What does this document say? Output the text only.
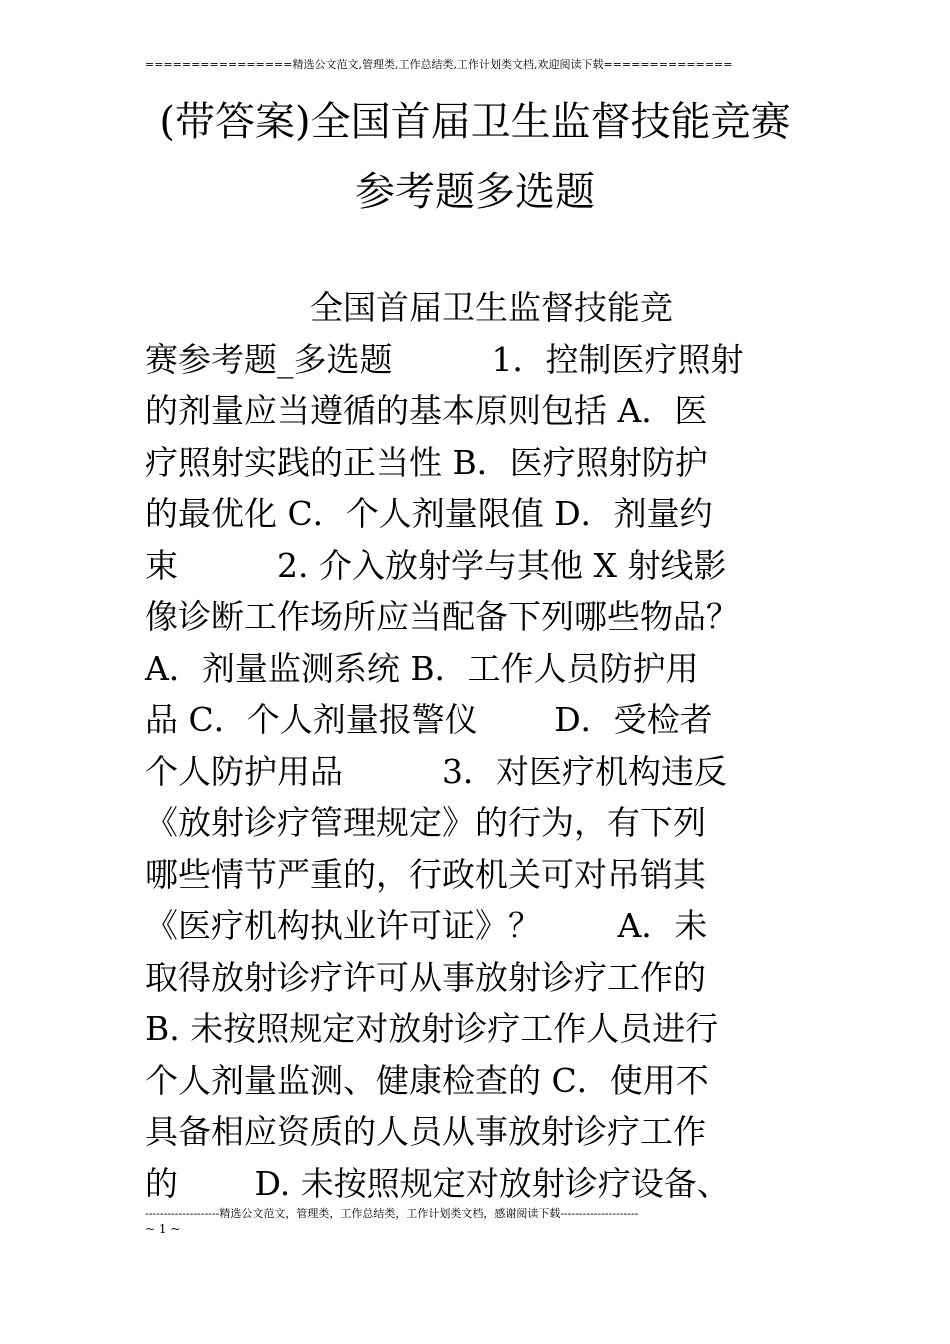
================精选公文范文,管理类,工作总结类,工作计划类文档,欢迎阅读下载==============
(带答案)全国首届卫生监督技能竞赛
参考题多选题
　　　　　全国首届卫生监督技能竞
赛参考题_多选题　　　1．控制医疗照射
的剂量应当遵循的基本原则包括 A．医
疗照射实践的正当性 B．医疗照射防护
的最优化 C．个人剂量限值 D．剂量约
束　　　2. 介入放射学与其他 X 射线影
像诊断工作场所应当配备下列哪些物品？
A．剂量监测系统 B．工作人员防护用
品 C．个人剂量报警仪　　 D．受检者
个人防护用品　　　3．对医疗机构违反
《放射诊疗管理规定》的行为，有下列
哪些情节严重的，行政机关可对吊销其
《医疗机构执业许可证》？　　 A．未
取得放射诊疗许可从事放射诊疗工作的
B. 未按照规定对放射诊疗工作人员进行
个人剂量监测、健康检查的 C．使用不
具备相应资质的人员从事放射诊疗工作
的　　 D. 未按照规定对放射诊疗设备、
--------------------精选公文范文，管理类，工作总结类，工作计划类文档，感谢阅读下载---------------------
~ 1 ~
